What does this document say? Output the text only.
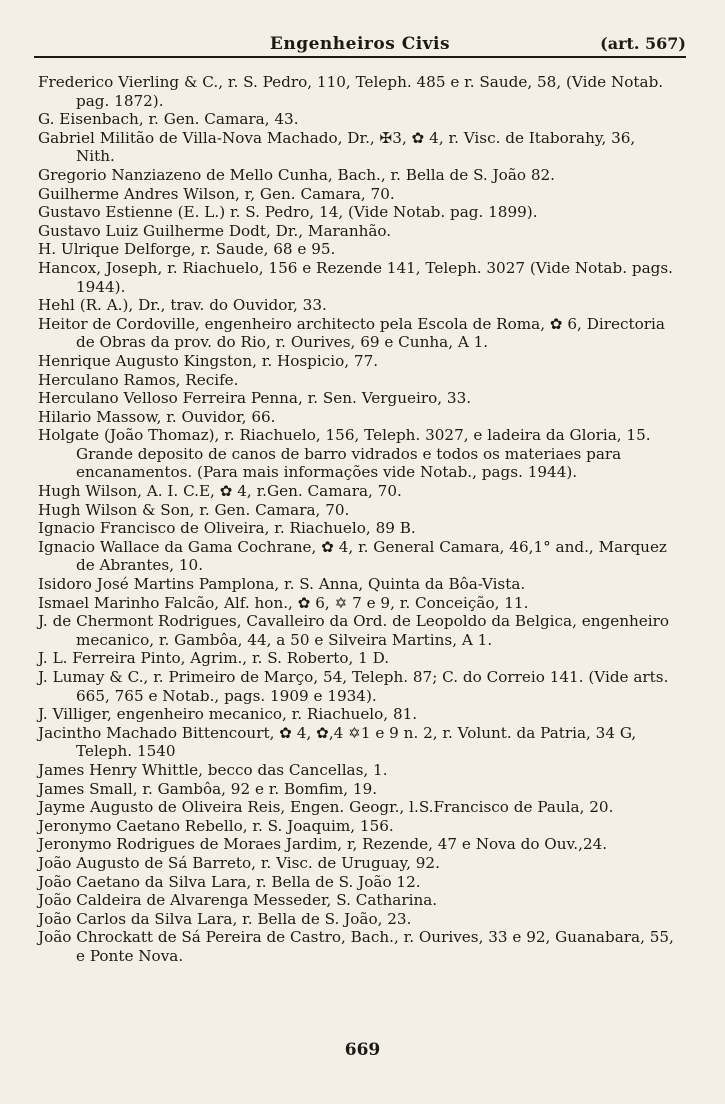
Engenheiros Civis	(art. 567)
Frederico Vierling & C., r. S. Pedro, 110, Teleph. 485 e r. Saude, 58, (Vide Notab. pag. 1872).
G. Eisenbach, r. Gen. Camara, 43.
Gabriel Militão de Villa-Nova Machado, Dr., ✠3, ✿ 4, r. Visc. de Itaborahy, 36, Nith.
Gregorio Nanziazeno de Mello Cunha, Bach., r. Bella de S. João 82.
Guilherme Andres Wilson, r, Gen. Camara, 70.
Gustavo Estienne (E. L.) r. S. Pedro, 14, (Vide Notab. pag. 1899).
Gustavo Luiz Guilherme Dodt, Dr., Maranhão.
H. Ulrique Delforge, r. Saude, 68 e 95.
Hancox, Joseph, r. Riachuelo, 156 e Rezende 141, Teleph. 3027 (Vide Notab. pags. 1944).
Hehl (R. A.), Dr., trav. do Ouvidor, 33.
Heitor de Cordoville, engenheiro architecto pela Escola de Roma, ✿ 6, Directoria de Obras da prov. do Rio, r. Ourives, 69 e Cunha, A 1.
Henrique Augusto Kingston, r. Hospicio, 77.
Herculano Ramos, Recife.
Herculano Velloso Ferreira Penna, r. Sen. Vergueiro, 33.
Hilario Massow, r. Ouvidor, 66.
Holgate (João Thomaz), r. Riachuelo, 156, Teleph. 3027, e ladeira da Gloria, 15. Grande deposito de canos de barro vidrados e todos os materiaes para encanamentos. (Para mais informações vide Notab., pags. 1944).
Hugh Wilson, A. I. C.E, ✿ 4, r.Gen. Camara, 70.
Hugh Wilson & Son, r. Gen. Camara, 70.
Ignacio Francisco de Oliveira, r. Riachuelo, 89 B.
Ignacio Wallace da Gama Cochrane, ✿ 4, r. General Camara, 46,1° and., Marquez de Abrantes, 10.
Isidoro José Martins Pamplona, r. S. Anna, Quinta da Bôa-Vista.
Ismael Marinho Falcão, Alf. hon., ✿ 6, ✡ 7 e 9, r. Conceição, 11.
J. de Chermont Rodrigues, Cavalleiro da Ord. de Leopoldo da Belgica, engenheiro mecanico, r. Gambôa, 44, a 50 e Silveira Martins, A 1.
J. L. Ferreira Pinto, Agrim., r. S. Roberto, 1 D.
J. Lumay & C., r. Primeiro de Março, 54, Teleph. 87; C. do Correio 141. (Vide arts. 665, 765 e Notab., pags. 1909 e 1934).
J. Villiger, engenheiro mecanico, r. Riachuelo, 81.
Jacintho Machado Bittencourt, ✿ 4, ✿,4 ✡1 e 9 n. 2, r. Volunt. da Patria, 34 G, Teleph. 1540
James Henry Whittle, becco das Cancellas, 1.
James Small, r. Gambôa, 92 e r. Bomfim, 19.
Jayme Augusto de Oliveira Reis, Engen. Geogr., l.S.Francisco de Paula, 20.
Jeronymo Caetano Rebello, r. S. Joaquim, 156.
Jeronymo Rodrigues de Moraes Jardim, r, Rezende, 47 e Nova do Ouv.,24.
João Augusto de Sá Barreto, r. Visc. de Uruguay, 92.
João Caetano da Silva Lara, r. Bella de S. João 12.
João Caldeira de Alvarenga Messeder, S. Catharina.
João Carlos da Silva Lara, r. Bella de S. João, 23.
João Chrockatt de Sá Pereira de Castro, Bach., r. Ourives, 33 e 92, Guanabara, 55, e Ponte Nova.
669
